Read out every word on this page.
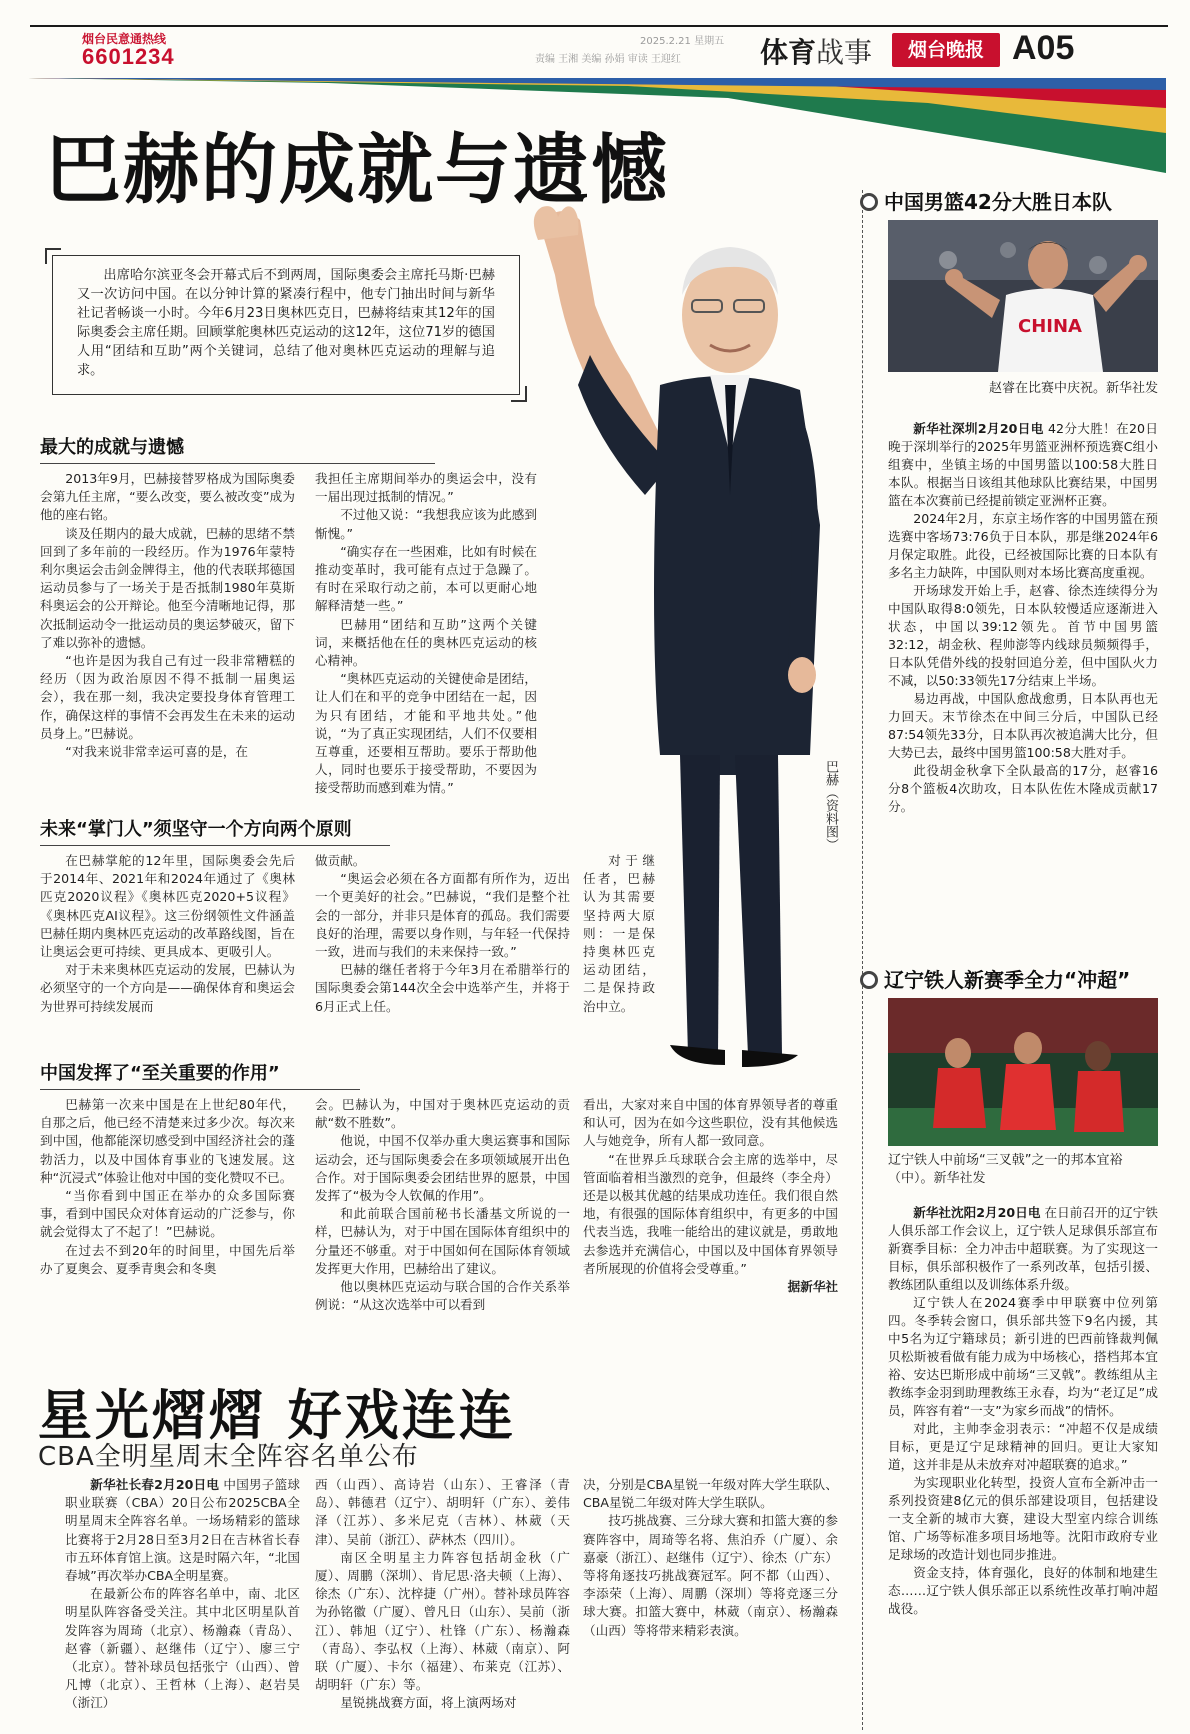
烟台民意通热线
6601234
2025.2.21 星期五
责编 王湘 美编 孙娟 审读 王迎红	体育战事	烟台晚报 A05
巴赫的成就与遗憾

出席哈尔滨亚冬会开幕式后不到两周，国际奥委会主席托马斯·巴赫又一次访问中国。在以分钟计算的紧凑行程中，他专门抽出时间与新华社记者畅谈一小时。今年6月23日奥林匹克日，巴赫将结束其12年的国际奥委会主席任期。回顾掌舵奥林匹克运动的这12年，这位71岁的德国人用“团结和互助”两个关键词，总结了他对奥林匹克运动的理解与追求。

巴赫（资料图）
最大的成就与遗憾

2013年9月，巴赫接替罗格成为国际奥委会第九任主席，“要么改变，要么被改变”成为他的座右铭。

谈及任期内的最大成就，巴赫的思绪不禁回到了多年前的一段经历。作为1976年蒙特利尔奥运会击剑金牌得主，他的代表联邦德国运动员参与了一场关于是否抵制1980年莫斯科奥运会的公开辩论。他至今清晰地记得，那次抵制运动令一批运动员的奥运梦破灭，留下了难以弥补的遗憾。

“也许是因为我自己有过一段非常糟糕的经历（因为政治原因不得不抵制一届奥运会），我在那一刻，我决定要投身体育管理工作，确保这样的事情不会再发生在未来的运动员身上。”巴赫说。

“对我来说非常幸运可喜的是，在

我担任主席期间举办的奥运会中，没有一届出现过抵制的情况。”

不过他又说：“我想我应该为此感到惭愧。”

“确实存在一些困难，比如有时候在推动变革时，我可能有点过于急躁了。有时在采取行动之前，本可以更耐心地解释清楚一些。”

巴赫用“团结和互助”这两个关键词，来概括他在任的奥林匹克运动的核心精神。

“奥林匹克运动的关键使命是团结，让人们在和平的竞争中团结在一起，因为只有团结，才能和平地共处。”他说，“为了真正实现团结，人们不仅要相互尊重，还要相互帮助。要乐于帮助他人，同时也要乐于接受帮助，不要因为接受帮助而感到难为情。”

未来“掌门人”须坚守一个方向两个原则

在巴赫掌舵的12年里，国际奥委会先后于2014年、2021年和2024年通过了《奥林匹克2020议程》《奥林匹克2020+5议程》《奥林匹克AI议程》。这三份纲领性文件涵盖巴赫任期内奥林匹克运动的改革路线图，旨在让奥运会更可持续、更具成本、更吸引人。

对于未来奥林匹克运动的发展，巴赫认为必须坚守的一个方向是——确保体育和奥运会为世界可持续发展而

做贡献。

“奥运会必须在各方面都有所作为，迈出一个更美好的社会。”巴赫说，“我们是整个社会的一部分，并非只是体育的孤岛。我们需要良好的治理，需要以身作则，与年轻一代保持一致，进而与我们的未来保持一致。”

巴赫的继任者将于今年3月在希腊举行的国际奥委会第144次全会中选举产生，并将于6月正式上任。

对于继任者，巴赫认为其需要坚持两大原则：一是保持奥林匹克运动团结，二是保持政治中立。

中国发挥了“至关重要的作用”

巴赫第一次来中国是在上世纪80年代，自那之后，他已经不清楚来过多少次。每次来到中国，他都能深切感受到中国经济社会的蓬勃活力，以及中国体育事业的飞速发展。这种“沉浸式”体验让他对中国的变化赞叹不已。

“当你看到中国正在举办的众多国际赛事，看到中国民众对体育运动的广泛参与，你就会觉得太了不起了！”巴赫说。

在过去不到20年的时间里，中国先后举办了夏奥会、夏季青奥会和冬奥

会。巴赫认为，中国对于奥林匹克运动的贡献“数不胜数”。

他说，中国不仅举办重大奥运赛事和国际运动会，还与国际奥委会在多项领域展开出色合作。对于国际奥委会团结世界的愿景，中国发挥了“极为令人钦佩的作用”。

和此前联合国前秘书长潘基文所说的一样，巴赫认为，对于中国在国际体育组织中的分量还不够重。对于中国如何在国际体育领域发挥更大作用，巴赫给出了建议。

他以奥林匹克运动与联合国的合作关系举例说：“从这次选举中可以看到

看出，大家对来自中国的体育界领导者的尊重和认可，因为在如今这些职位，没有其他候选人与她竞争，所有人都一致同意。

“在世界乒乓球联合会主席的选举中，尽管面临着相当激烈的竞争，但最终（李全舟）还是以极其优越的结果成功连任。我们很自然地，有很强的国际体育组织中，有更多的中国代表当选，我唯一能给出的建议就是，勇敢地去参选并充满信心，中国以及中国体育界领导者所展现的价值将会受尊重。”

据新华社

中国男篮42分大胜日本队
CHINA
赵睿在比赛中庆祝。新华社发

新华社深圳2月20日电 42分大胜！在20日晚于深圳举行的2025年男篮亚洲杯预选赛C组小组赛中，坐镇主场的中国男篮以100:58大胜日本队。根据当日该组其他球队比赛结果，中国男篮在本次赛前已经提前锁定亚洲杯正赛。

2024年2月，东京主场作客的中国男篮在预选赛中客场73:76负于日本队，那是继2024年6月保定取胜。此役，已经被国际比赛的日本队有多名主力缺阵，中国队则对本场比赛高度重视。

开场球发开始上手，赵睿、徐杰连续得分为中国队取得8:0领先，日本队较慢适应逐渐进入状态，中国以39:12领先。首节中国男篮32:12，胡金秋、程帅澎等内线球员频频得手，日本队凭借外线的投射回追分差，但中国队火力不减，以50:33领先17分结束上半场。

易边再战，中国队愈战愈勇，日本队再也无力回天。末节徐杰在中间三分后，中国队已经87:54领先33分，日本队再次被追满大比分，但大势已去，最终中国男篮100:58大胜对手。

此役胡金秋拿下全队最高的17分，赵睿16分8个篮板4次助攻，日本队佐佐木隆成贡献17分。

辽宁铁人新赛季全力“冲超”
辽宁铁人中前场“三叉戟”之一的邦本宜裕（中）。新华社发

新华社沈阳2月20日电 在日前召开的辽宁铁人俱乐部工作会议上，辽宁铁人足球俱乐部宣布新赛季目标：全力冲击中超联赛。为了实现这一目标，俱乐部积极作了一系列改革，包括引援、教练团队重组以及训练体系升级。

辽宁铁人在2024赛季中甲联赛中位列第四。冬季转会窗口，俱乐部共签下9名内援，其中5名为辽宁籍球员；新引进的巴西前锋裁判佩贝松斯被看做有能力成为中场核心，搭档邦本宜裕、安达巴斯形成中前场“三叉戟”。教练组从主教练李金羽到助理教练王永春，均为“老辽足”成员，阵容有着“一支”为家乡而战”的情怀。

对此，主帅李金羽表示：“冲超不仅是成绩目标，更是辽宁足球精神的回归。更让大家知道，这并非是从未放弃对冲超联赛的追求。”

为实现职业化转型，投资人宣布全新冲击一系列投资建8亿元的俱乐部建设项目，包括建设一支全新的城市大赛，建设大型室内综合训练馆、广场等标准多项目场地等。沈阳市政府专业足球场的改造计划也同步推进。

资金支持，体育强化，良好的体制和地建生态……辽宁铁人俱乐部正以系统性改革打响冲超战役。

星光熠熠 好戏连连
CBA全明星周末全阵容名单公布

新华社长春2月20日电 中国男子篮球职业联赛（CBA）20日公布2025CBA全明星周末全阵容名单。一场场精彩的篮球比赛将于2月28日至3月2日在吉林省长春市五环体育馆上演。这是时隔六年，“北国春城”再次举办CBA全明星赛。

在最新公布的阵容名单中，南、北区明星队阵容备受关注。其中北区明星队首发阵容为周琦（北京）、杨瀚森（青岛）、赵睿（新疆）、赵继伟（辽宁）、廖三宁（北京）。替补球员包括张宁（山西）、曾凡博（北京）、王哲林（上海）、赵岩昊（浙江）

西（山西）、高诗岩（山东）、王睿泽（青岛）、韩德君（辽宁）、胡明轩（广东）、姜伟泽（江苏）、多米尼克（吉林）、林葳（天津）、吴前（浙江）、萨林杰（四川）。

南区全明星主力阵容包括胡金秋（广厦）、周鹏（深圳）、肯尼思·洛夫顿（上海）、徐杰（广东）、沈梓捷（广州）。替补球员阵容为孙铭徽（广厦）、曾凡日（山东）、吴前（浙江）、韩旭（辽宁）、杜锋（广东）、杨瀚森（青岛）、李弘权（上海）、林葳（南京）、阿联（广厦）、卡尔（福建）、布莱克（江苏）、胡明轩（广东）等。

星锐挑战赛方面，将上演两场对

决，分别是CBA星锐一年级对阵大学生联队、CBA星锐二年级对阵大学生联队。

技巧挑战赛、三分球大赛和扣篮大赛的参赛阵容中，周琦等名将、焦泊乔（广厦）、余嘉豪（浙江）、赵继伟（辽宁）、徐杰（广东）等将角逐技巧挑战赛冠军。阿不都（山西）、李添荣（上海）、周鹏（深圳）等将竞逐三分球大赛。扣篮大赛中，林葳（南京）、杨瀚森（山西）等将带来精彩表演。
